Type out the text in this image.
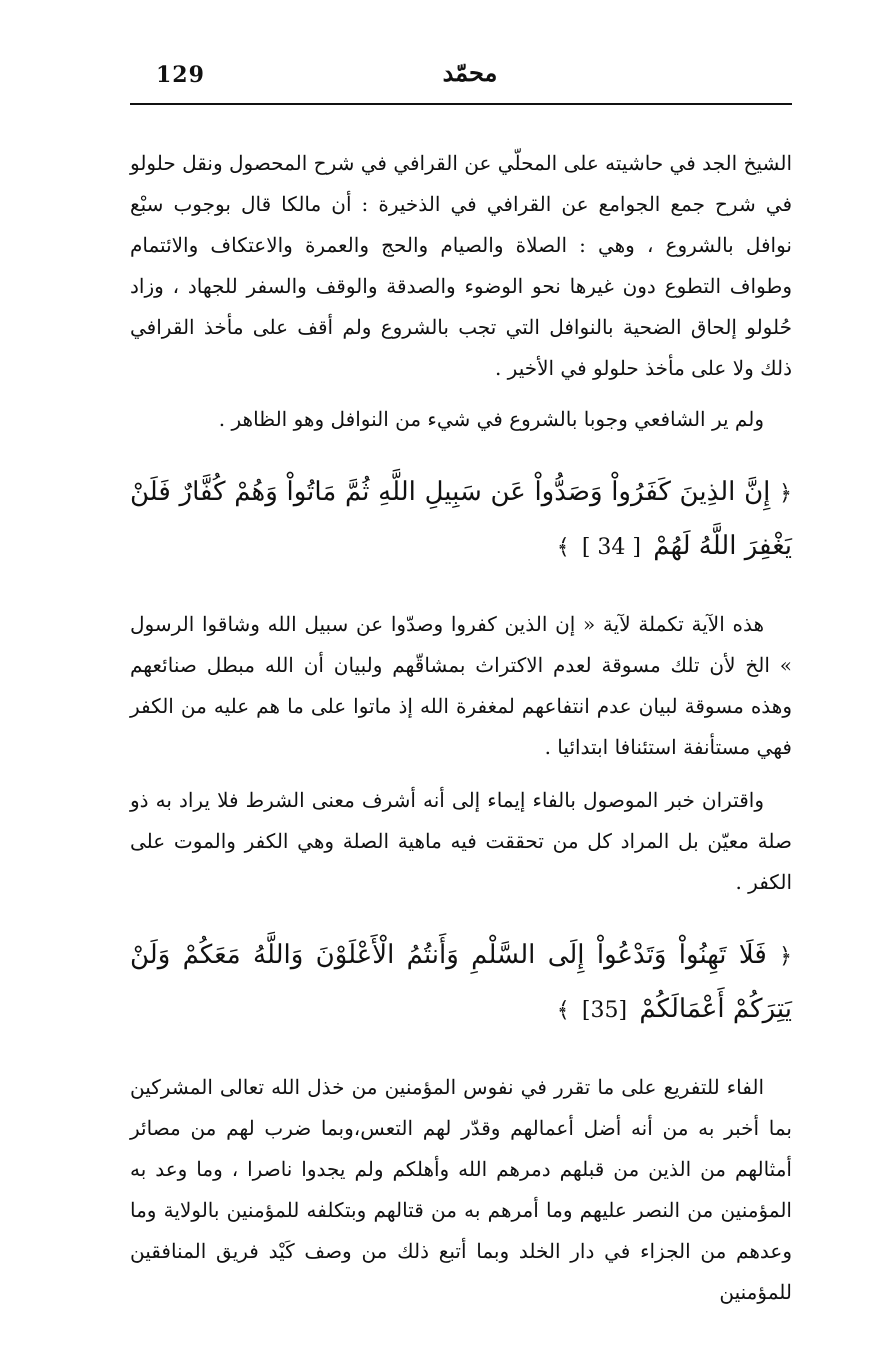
129	محمّد

الشيخ الجد في حاشيته على المحلّي عن القرافي في شرح المحصول ونقل حلولو في شرح جمع الجوامع عن القرافي في الذخيرة : أن مالكا قال بوجوب سبْع نوافل بالشروع ، وهي : الصلاة والصيام والحج والعمرة والاعتكاف والائتمام وطواف التطوع دون غيرها نحو الوضوء والصدقة والوقف والسفر للجهاد ، وزاد حُلولو إلحاق الضحية بالنوافل التي تجب بالشروع ولم أقف على مأخذ القرافي ذلك ولا على مأخذ حلولو في الأخير .

ولم ير الشافعي وجوبا بالشروع في شيء من النوافل وهو الظاهر .

﴿ إِنَّ الذِينَ كَفَرُواْ وَصَدُّواْ عَن سَبِيلِ اللَّهِ ثُمَّ مَاتُواْ وَهُمْ كُفَّارٌ فَلَنْ يَغْفِرَ اللَّهُ لَهُمْ [ 34 ] ﴾

هذه الآية تكملة لآية « إن الذين كفروا وصدّوا عن سبيل الله وشاقوا الرسول » الخ لأن تلك مسوقة لعدم الاكتراث بمشاقّهم ولبيان أن الله مبطل صنائعهم وهذه مسوقة لبيان عدم انتفاعهم لمغفرة الله إذ ماتوا على ما هم عليه من الكفر فهي مستأنفة استئنافا ابتدائيا .

واقتران خبر الموصول بالفاء إيماء إلى أنه أشرف معنى الشرط فلا يراد به ذو صلة معيّن بل المراد كل من تحققت فيه ماهية الصلة وهي الكفر والموت على الكفر .

﴿ فَلَا تَهِنُواْ وَتَدْعُواْ إِلَى السَّلْمِ وَأَنتُمُ الْأَعْلَوْنَ وَاللَّهُ مَعَكُمْ وَلَنْ يَتِرَكُمْ أَعْمَالَكُمْ [35] ﴾

الفاء للتفريع على ما تقرر في نفوس المؤمنين من خذل الله تعالى المشركين بما أخبر به من أنه أضل أعمالهم وقدّر لهم التعس،وبما ضرب لهم من مصائر أمثالهم من الذين من قبلهم دمرهم الله وأهلكم ولم يجدوا ناصرا ، وما وعد به المؤمنين من النصر عليهم وما أمرهم به من قتالهم وبتكلفه للمؤمنين بالولاية وما وعدهم من الجزاء في دار الخلد وبما أتبع ذلك من وصف كَيْد فريق المنافقين للمؤمنين
